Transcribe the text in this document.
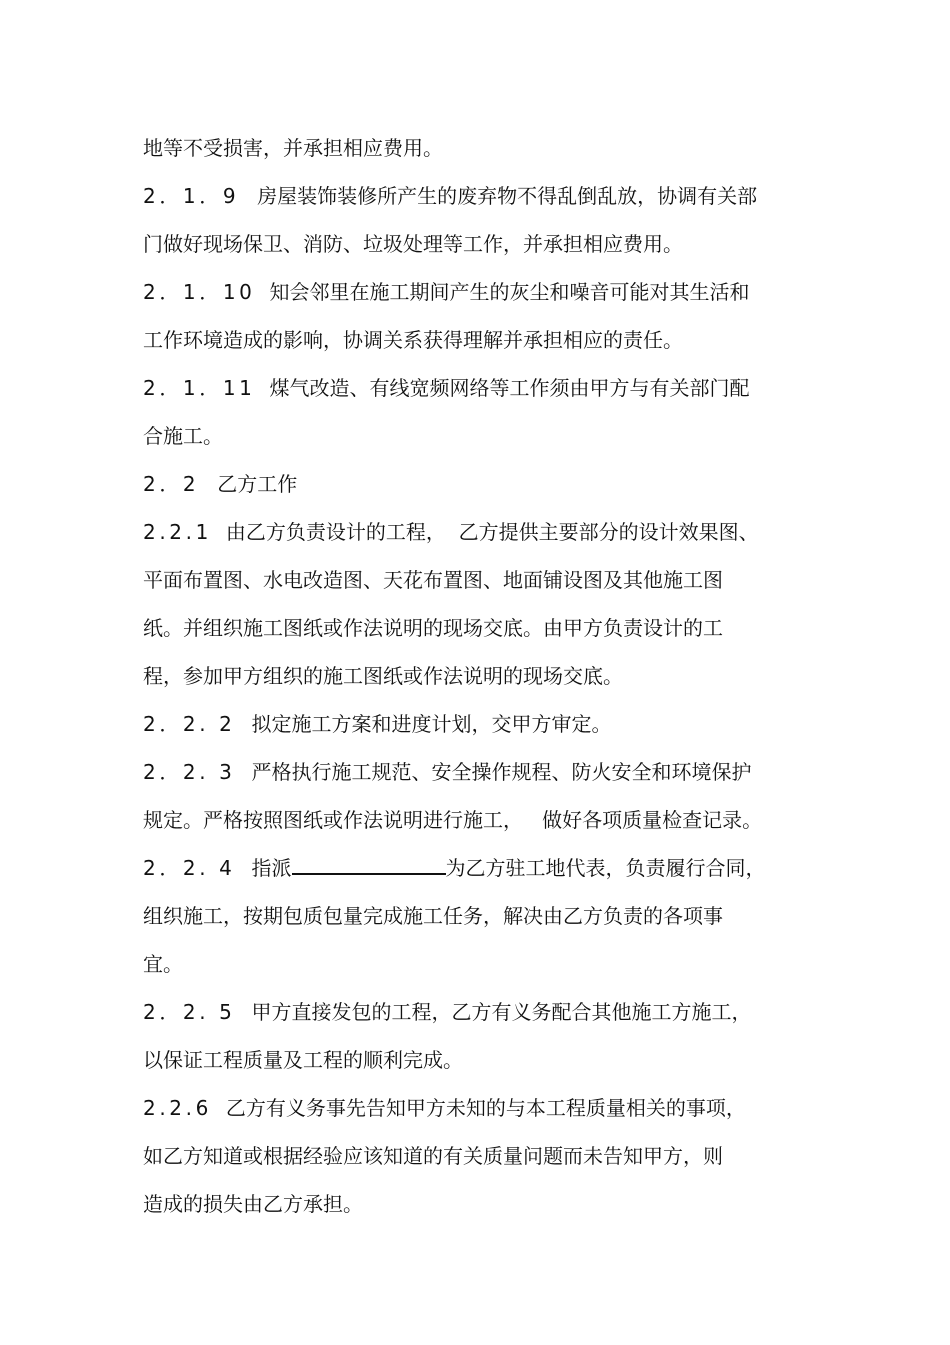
地等不受损害，并承担相应费用。
2．1．9 房屋装饰装修所产生的废弃物不得乱倒乱放，协调有关部
门做好现场保卫、消防、垃圾处理等工作，并承担相应费用。
2．1．10 知会邻里在施工期间产生的灰尘和噪音可能对其生活和
工作环境造成的影响，协调关系获得理解并承担相应的责任。
2．1．11 煤气改造、有线宽频网络等工作须由甲方与有关部门配
合施工。
2．2 乙方工作
2.2.1 由乙方负责设计的工程，  乙方提供主要部分的设计效果图、
平面布置图、水电改造图、天花布置图、地面铺设图及其他施工图
纸。并组织施工图纸或作法说明的现场交底。由甲方负责设计的工
程，参加甲方组织的施工图纸或作法说明的现场交底。
2．2. 2 拟定施工方案和进度计划，交甲方审定。
2．2. 3 严格执行施工规范、安全操作规程、防火安全和环境保护
规定。严格按照图纸或作法说明进行施工，   做好各项质量检查记录。
2．2. 4 指派	为乙方驻工地代表，负责履行合同，
组织施工，按期包质包量完成施工任务，解决由乙方负责的各项事
宜。
2．2. 5 甲方直接发包的工程，乙方有义务配合其他施工方施工，
以保证工程质量及工程的顺利完成。
2.2.6 乙方有义务事先告知甲方未知的与本工程质量相关的事项，
如乙方知道或根据经验应该知道的有关质量问题而未告知甲方，则
造成的损失由乙方承担。
